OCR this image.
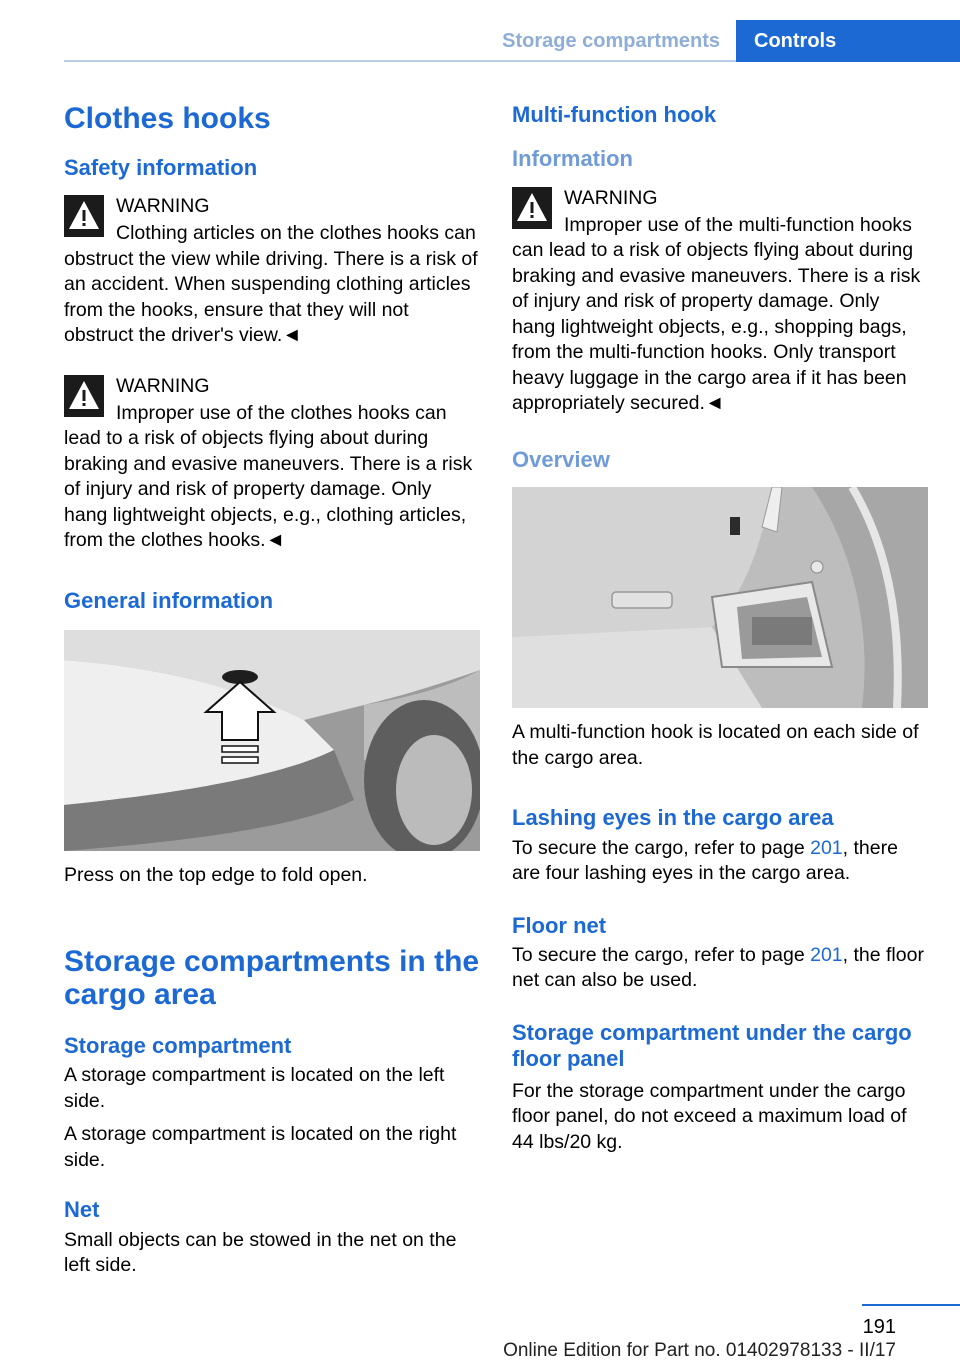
Storage compartments	Controls
Clothes hooks
Safety information
WARNING

Clothing articles on the clothes hooks can obstruct the view while driving. There is a risk of an accident. When suspending clothing articles from the hooks, ensure that they will not obstruct the driver's view.◄

WARNING

Improper use of the clothes hooks can lead to a risk of objects flying about during braking and evasive maneuvers. There is a risk of injury and risk of property damage. Only hang lightweight objects, e.g., clothing articles, from the clothes hooks.◄

General information

Press on the top edge to fold open.

Storage compartments in the cargo area
Storage compartment

A storage compartment is located on the left side.

A storage compartment is located on the right side.

Net

Small objects can be stowed in the net on the left side.

Multi-function hook
Information
WARNING

Improper use of the multi-function hooks can lead to a risk of objects flying about during braking and evasive maneuvers. There is a risk of injury and risk of property damage. Only hang lightweight objects, e.g., shopping bags, from the multi-function hooks. Only transport heavy luggage in the cargo area if it has been appropriately secured.◄

Overview

A multi-function hook is located on each side of the cargo area.

Lashing eyes in the cargo area

To secure the cargo, refer to page 201, there are four lashing eyes in the cargo area.

Floor net

To secure the cargo, refer to page 201, the floor net can also be used.

Storage compartment under the cargo floor panel

For the storage compartment under the cargo floor panel, do not exceed a maximum load of 44 lbs/20 kg.

191
Online Edition for Part no. 01402978133 - II/17
